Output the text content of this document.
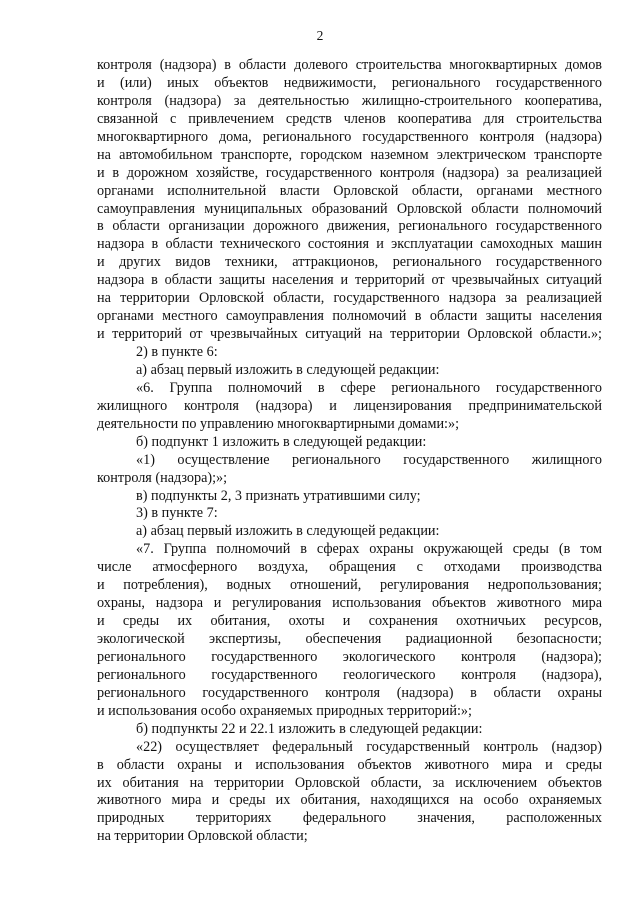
2
контроля (надзора) в области долевого строительства многоквартирных домов
и (или) иных объектов недвижимости, регионального государственного
контроля (надзора) за деятельностью жилищно-строительного кооператива,
связанной с привлечением средств членов кооператива для строительства
многоквартирного дома, регионального государственного контроля (надзора)
на автомобильном транспорте, городском наземном электрическом транспорте
и в дорожном хозяйстве, государственного контроля (надзора) за реализацией
органами исполнительной власти Орловской области, органами местного
самоуправления муниципальных образований Орловской области полномочий
в области организации дорожного движения, регионального государственного
надзора в области технического состояния и эксплуатации самоходных машин
и других видов техники, аттракционов, регионального государственного
надзора в области защиты населения и территорий от чрезвычайных ситуаций
на территории Орловской области, государственного надзора за реализацией
органами местного самоуправления полномочий в области защиты населения
и территорий от чрезвычайных ситуаций на территории Орловской области.»;
2) в пункте 6:
а) абзац первый изложить в следующей редакции:
«6. Группа полномочий в сфере регионального государственного
жилищного контроля (надзора) и лицензирования предпринимательской
деятельности по управлению многоквартирными домами:»;
б) подпункт 1 изложить в следующей редакции:
«1) осуществление регионального государственного жилищного
контроля (надзора);»;
в) подпункты 2, 3 признать утратившими силу;
3) в пункте 7:
а) абзац первый изложить в следующей редакции:
«7. Группа полномочий в сферах охраны окружающей среды (в том
числе атмосферного воздуха, обращения с отходами производства
и потребления), водных отношений, регулирования недропользования;
охраны, надзора и регулирования использования объектов животного мира
и среды их обитания, охоты и сохранения охотничьих ресурсов,
экологической экспертизы, обеспечения радиационной безопасности;
регионального государственного экологического контроля (надзора);
регионального государственного геологического контроля (надзора),
регионального государственного контроля (надзора) в области охраны
и использования особо охраняемых природных территорий:»;
б) подпункты 22 и 22.1 изложить в следующей редакции:
«22) осуществляет федеральный государственный контроль (надзор)
в области охраны и использования объектов животного мира и среды
их обитания на территории Орловской области, за исключением объектов
животного мира и среды их обитания, находящихся на особо охраняемых
природных территориях федерального значения, расположенных
на территории Орловской области;
